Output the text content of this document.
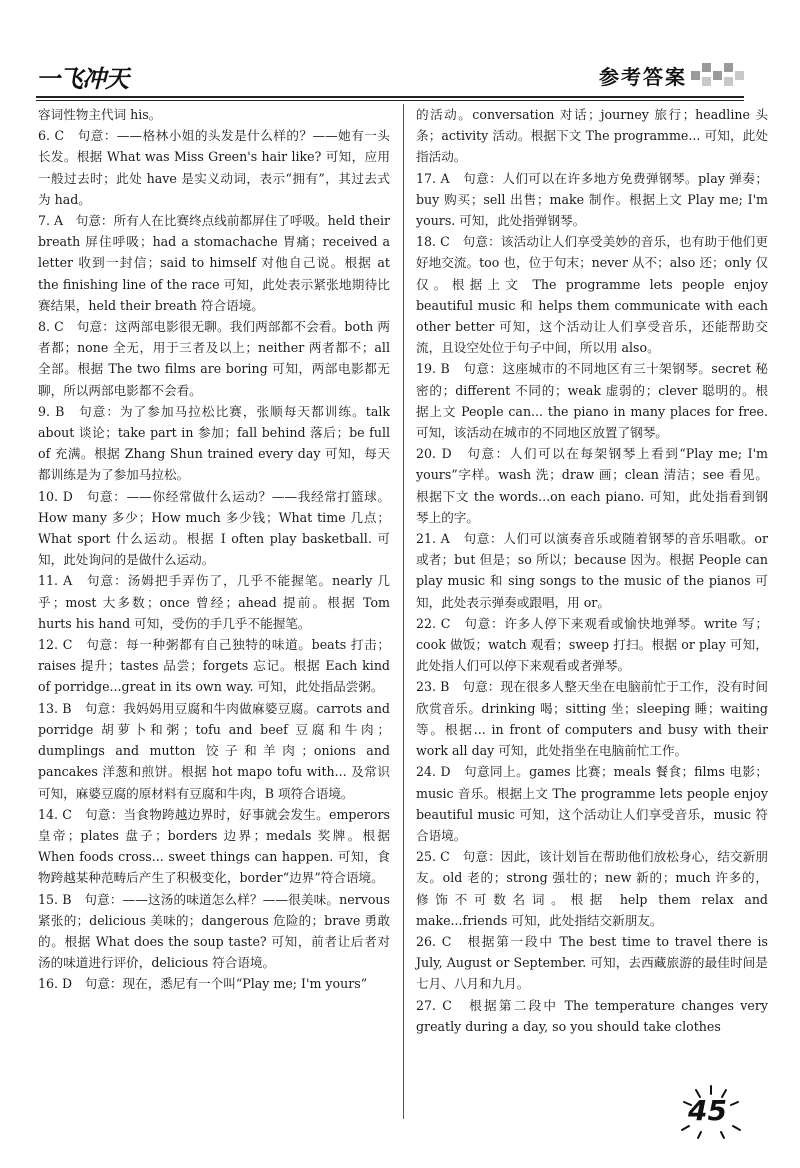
一飞冲天	参考答案

容词性物主代词 his。

6. C　句意：——格林小姐的头发是什么样的？——她有一头长发。根据 What was Miss Green's hair like? 可知，应用一般过去时；此处 have 是实义动词，表示“拥有”，其过去式为 had。

7. A　句意：所有人在比赛终点线前都屏住了呼吸。held their breath 屏住呼吸；had a stomachache 胃痛；received a letter 收到一封信；said to himself 对他自己说。根据 at the finishing line of the race 可知，此处表示紧张地期待比赛结果，held their breath 符合语境。

8. C　句意：这两部电影很无聊。我们两部都不会看。both 两者都；none 全无，用于三者及以上；neither 两者都不；all 全部。根据 The two films are boring 可知，两部电影都无聊，所以两部电影都不会看。

9. B　句意：为了参加马拉松比赛，张顺每天都训练。talk about 谈论；take part in 参加；fall behind 落后；be full of 充满。根据 Zhang Shun trained every day 可知，每天都训练是为了参加马拉松。

10. D　句意：——你经常做什么运动？——我经常打篮球。How many 多少；How much 多少钱；What time 几点；What sport 什么运动。根据 I often play basketball. 可知，此处询问的是做什么运动。

11. A　句意：汤姆把手弄伤了，几乎不能握笔。nearly 几乎；most 大多数；once 曾经；ahead 提前。根据 Tom hurts his hand 可知，受伤的手几乎不能握笔。

12. C　句意：每一种粥都有自己独特的味道。beats 打击；raises 提升；tastes 品尝；forgets 忘记。根据 Each kind of porridge...great in its own way. 可知，此处指品尝粥。

13. B　句意：我妈妈用豆腐和牛肉做麻婆豆腐。carrots and porridge 胡萝卜和粥；tofu and beef 豆腐和牛肉；dumplings and mutton 饺子和羊肉；onions and pancakes 洋葱和煎饼。根据 hot mapo tofu with... 及常识可知，麻婆豆腐的原材料有豆腐和牛肉，B 项符合语境。

14. C　句意：当食物跨越边界时，好事就会发生。emperors 皇帝；plates 盘子；borders 边界；medals 奖牌。根据 When foods cross... sweet things can happen. 可知，食物跨越某种范畴后产生了积极变化，border“边界”符合语境。

15. B　句意：——这汤的味道怎么样？——很美味。nervous 紧张的；delicious 美味的；dangerous 危险的；brave 勇敢的。根据 What does the soup taste? 可知，前者让后者对汤的味道进行评价，delicious 符合语境。

16. D　句意：现在，悉尼有一个叫“Play me; I'm yours”

的活动。conversation 对话；journey 旅行；headline 头条；activity 活动。根据下文 The programme... 可知，此处指活动。

17. A　句意：人们可以在许多地方免费弹钢琴。play 弹奏；buy 购买；sell 出售；make 制作。根据上文 Play me; I'm yours. 可知，此处指弹钢琴。

18. C　句意：该活动让人们享受美妙的音乐，也有助于他们更好地交流。too 也，位于句末；never 从不；also 还；only 仅仅。根据上文 The programme lets people enjoy beautiful music 和 helps them communicate with each other better 可知，这个活动让人们享受音乐，还能帮助交流，且设空处位于句子中间，所以用 also。

19. B　句意：这座城市的不同地区有三十架钢琴。secret 秘密的；different 不同的；weak 虚弱的；clever 聪明的。根据上文 People can... the piano in many places for free. 可知，该活动在城市的不同地区放置了钢琴。

20. D　句意：人们可以在每架钢琴上看到“Play me; I'm yours”字样。wash 洗；draw 画；clean 清洁；see 看见。根据下文 the words...on each piano. 可知，此处指看到钢琴上的字。

21. A　句意：人们可以演奏音乐或随着钢琴的音乐唱歌。or 或者；but 但是；so 所以；because 因为。根据 People can play music 和 sing songs to the music of the pianos 可知，此处表示弹奏或跟唱，用 or。

22. C　句意：许多人停下来观看或愉快地弹琴。write 写；cook 做饭；watch 观看；sweep 打扫。根据 or play 可知，此处指人们可以停下来观看或者弹琴。

23. B　句意：现在很多人整天坐在电脑前忙于工作，没有时间欣赏音乐。drinking 喝；sitting 坐；sleeping 睡；waiting 等。根据... in front of computers and busy with their work all day 可知，此处指坐在电脑前忙工作。

24. D　句意同上。games 比赛；meals 餐食；films 电影；music 音乐。根据上文 The programme lets people enjoy beautiful music 可知，这个活动让人们享受音乐，music 符合语境。

25. C　句意：因此，该计划旨在帮助他们放松身心，结交新朋友。old 老的；strong 强壮的；new 新的；much 许多的，修饰不可数名词。根据 help them relax and make...friends 可知，此处指结交新朋友。

26. C　根据第一段中 The best time to travel there is July, August or September. 可知，去西藏旅游的最佳时间是七月、八月和九月。

27. C　根据第二段中 The temperature changes very greatly during a day, so you should take clothes

45
